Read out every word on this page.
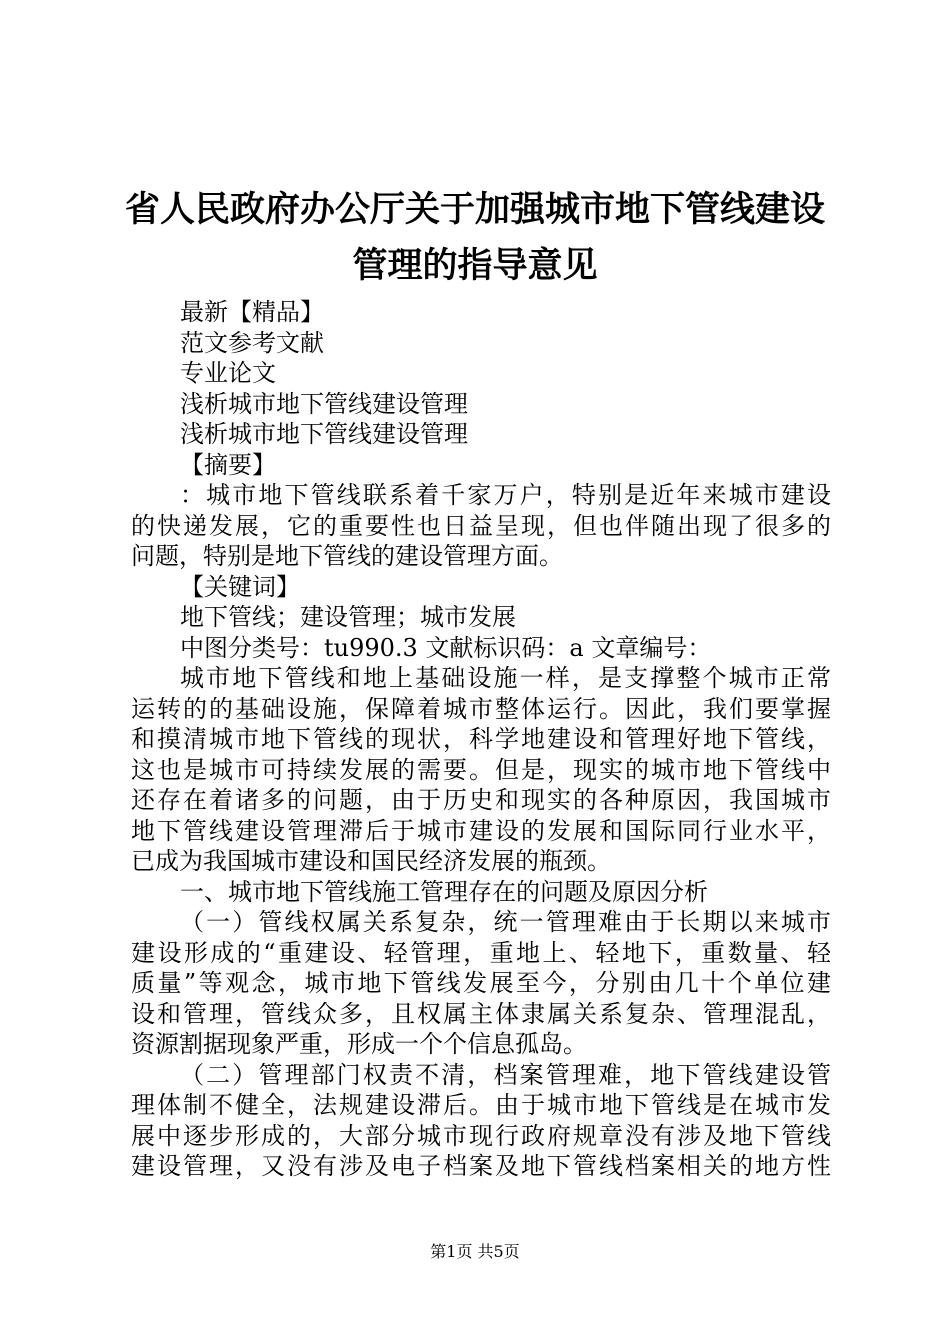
省人民政府办公厅关于加强城市地下管线建设
管理的指导意见
最新【精品】
范文参考文献
专业论文
浅析城市地下管线建设管理
浅析城市地下管线建设管理
【摘要】
：城市地下管线联系着千家万户，特别是近年来城市建设
的快递发展，它的重要性也日益呈现，但也伴随出现了很多的
问题，特别是地下管线的建设管理方面。
【关键词】
地下管线；建设管理；城市发展
中图分类号：tu990.3 文献标识码：a 文章编号：
城市地下管线和地上基础设施一样，是支撑整个城市正常
运转的的基础设施，保障着城市整体运行。因此，我们要掌握
和摸清城市地下管线的现状，科学地建设和管理好地下管线，
这也是城市可持续发展的需要。但是，现实的城市地下管线中
还存在着诸多的问题，由于历史和现实的各种原因，我国城市
地下管线建设管理滞后于城市建设的发展和国际同行业水平，
已成为我国城市建设和国民经济发展的瓶颈。
一、城市地下管线施工管理存在的问题及原因分析
（一）管线权属关系复杂，统一管理难由于长期以来城市
建设形成的“重建设、轻管理，重地上、轻地下，重数量、轻
质量”等观念，城市地下管线发展至今，分别由几十个单位建
设和管理，管线众多，且权属主体隶属关系复杂、管理混乱，
资源割据现象严重，形成一个个信息孤岛。
（二）管理部门权责不清，档案管理难，地下管线建设管
理体制不健全，法规建设滞后。由于城市地下管线是在城市发
展中逐步形成的，大部分城市现行政府规章没有涉及地下管线
建设管理，又没有涉及电子档案及地下管线档案相关的地方性
第1页 共5页
